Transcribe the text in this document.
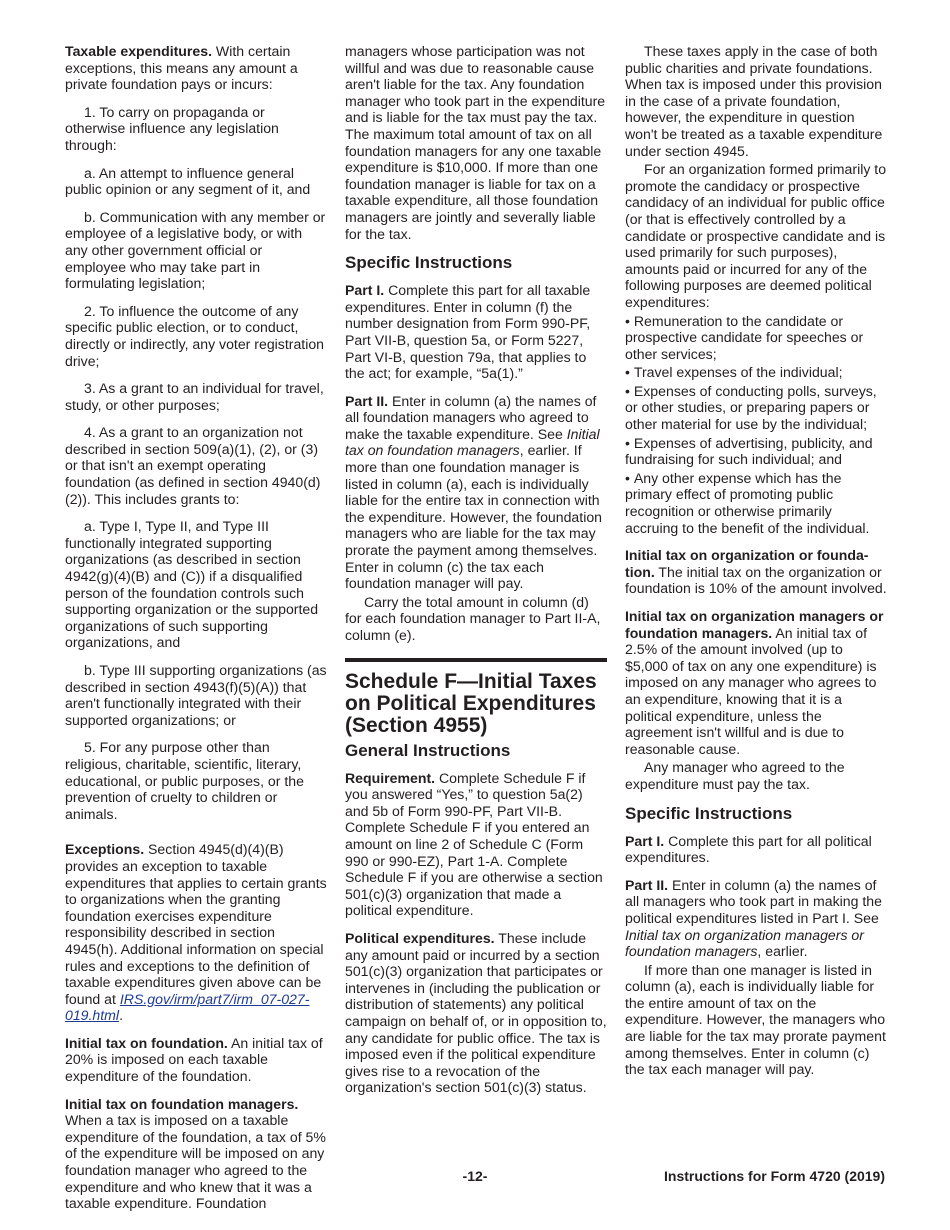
Taxable expenditures. With certain exceptions, this means any amount a private foundation pays or incurs:

1. To carry on propaganda or otherwise influence any legislation through:

a. An attempt to influence general public opinion or any segment of it, and

b. Communication with any member or employee of a legislative body, or with any other government official or employee who may take part in formulating legislation;

2. To influence the outcome of any specific public election, or to conduct, directly or indirectly, any voter registration drive;

3. As a grant to an individual for travel, study, or other purposes;

4. As a grant to an organization not described in section 509(a)(1), (2), or (3) or that isn't an exempt operating foundation (as defined in section 4940(d)(2)). This includes grants to:

a. Type I, Type II, and Type III functionally integrated supporting organizations (as described in section 4942(g)(4)(B) and (C)) if a disqualified person of the foundation controls such supporting organization or the supported organizations of such supporting organizations, and

b. Type III supporting organizations (as described in section 4943(f)(5)(A)) that aren't functionally integrated with their supported organizations; or

5. For any purpose other than religious, charitable, scientific, literary, educational, or public purposes, or the prevention of cruelty to children or animals.

Exceptions. Section 4945(d)(4)(B) provides an exception to taxable expenditures that applies to certain grants to organizations when the granting foundation exercises expenditure responsibility described in section 4945(h). Additional information on special rules and exceptions to the definition of taxable expenditures given above can be found at IRS.gov/irm/part7/irm_07-027-019.html.

Initial tax on foundation. An initial tax of 20% is imposed on each taxable expenditure of the foundation.

Initial tax on foundation managers. When a tax is imposed on a taxable expenditure of the foundation, a tax of 5% of the expenditure will be imposed on any foundation manager who agreed to the expenditure and who knew that it was a taxable expenditure. Foundation

managers whose participation was not willful and was due to reasonable cause aren't liable for the tax. Any foundation manager who took part in the expenditure and is liable for the tax must pay the tax. The maximum total amount of tax on all foundation managers for any one taxable expenditure is $10,000. If more than one foundation manager is liable for tax on a taxable expenditure, all those foundation managers are jointly and severally liable for the tax.

Specific Instructions

Part I. Complete this part for all taxable expenditures. Enter in column (f) the number designation from Form 990-PF, Part VII-B, question 5a, or Form 5227, Part VI-B, question 79a, that applies to the act; for example, “5a(1).”

Part II. Enter in column (a) the names of all foundation managers who agreed to make the taxable expenditure. See Initial tax on foundation managers, earlier. If more than one foundation manager is listed in column (a), each is individually liable for the entire tax in connection with the expenditure. However, the foundation managers who are liable for the tax may prorate the payment among themselves. Enter in column (c) the tax each foundation manager will pay.

Carry the total amount in column (d) for each foundation manager to Part II-A, column (e).

Schedule F—Initial Taxes on Political Expenditures (Section 4955)
General Instructions

Requirement. Complete Schedule F if you answered “Yes,” to question 5a(2) and 5b of Form 990-PF, Part VII-B. Complete Schedule F if you entered an amount on line 2 of Schedule C (Form 990 or 990-EZ), Part 1-A. Complete Schedule F if you are otherwise a section 501(c)(3) organization that made a political expenditure.

Political expenditures. These include any amount paid or incurred by a section 501(c)(3) organization that participates or intervenes in (including the publication or distribution of statements) any political campaign on behalf of, or in opposition to, any candidate for public office. The tax is imposed even if the political expenditure gives rise to a revocation of the organization's section 501(c)(3) status.

These taxes apply in the case of both public charities and private foundations. When tax is imposed under this provision in the case of a private foundation, however, the expenditure in question won't be treated as a taxable expenditure under section 4945.

For an organization formed primarily to promote the candidacy or prospective candidacy of an individual for public office (or that is effectively controlled by a candidate or prospective candidate and is used primarily for such purposes), amounts paid or incurred for any of the following purposes are deemed political expenditures:

• Remuneration to the candidate or prospective candidate for speeches or other services;

• Travel expenses of the individual;

• Expenses of conducting polls, surveys, or other studies, or preparing papers or other material for use by the individual;

• Expenses of advertising, publicity, and fundraising for such individual; and

• Any other expense which has the primary effect of promoting public recognition or otherwise primarily accruing to the benefit of the individual.

Initial tax on organization or founda-tion. The initial tax on the organization or foundation is 10% of the amount involved.

Initial tax on organization managers or foundation managers. An initial tax of 2.5% of the amount involved (up to $5,000 of tax on any one expenditure) is imposed on any manager who agrees to an expenditure, knowing that it is a political expenditure, unless the agreement isn't willful and is due to reasonable cause.

Any manager who agreed to the expenditure must pay the tax.

Specific Instructions

Part I. Complete this part for all political expenditures.

Part II. Enter in column (a) the names of all managers who took part in making the political expenditures listed in Part I. See Initial tax on organization managers or foundation managers, earlier.

If more than one manager is listed in column (a), each is individually liable for the entire amount of tax on the expenditure. However, the managers who are liable for the tax may prorate payment among themselves. Enter in column (c) the tax each manager will pay.

-12-	Instructions for Form 4720 (2019)
